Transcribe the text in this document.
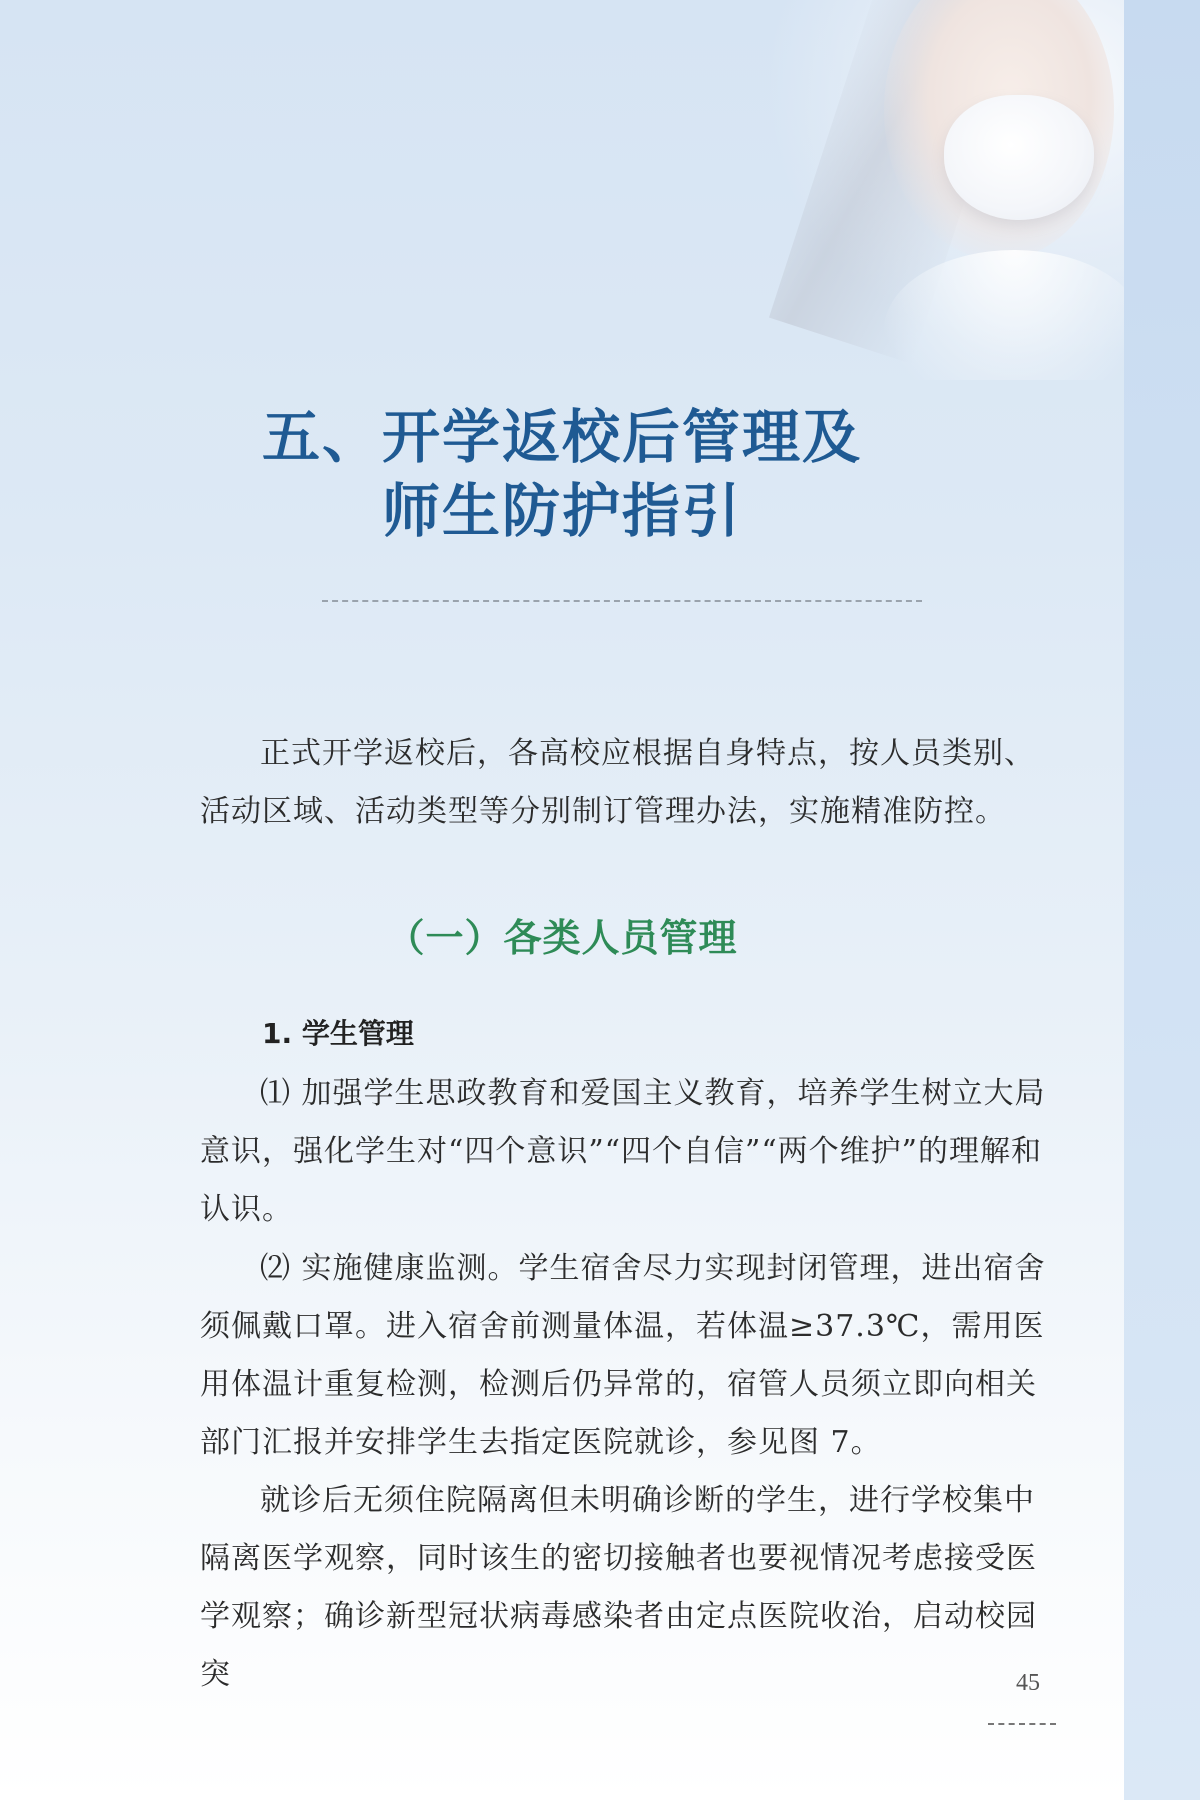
五、开学返校后管理及
师生防护指引

正式开学返校后，各高校应根据自身特点，按人员类别、活动区域、活动类型等分别制订管理办法，实施精准防控。

（一）各类人员管理
1. 学生管理

⑴ 加强学生思政教育和爱国主义教育，培养学生树立大局意识，强化学生对“四个意识”“四个自信”“两个维护”的理解和认识。

⑵ 实施健康监测。学生宿舍尽力实现封闭管理，进出宿舍须佩戴口罩。进入宿舍前测量体温，若体温≥37.3℃，需用医用体温计重复检测，检测后仍异常的，宿管人员须立即向相关部门汇报并安排学生去指定医院就诊，参见图 7。

就诊后无须住院隔离但未明确诊断的学生，进行学校集中隔离医学观察，同时该生的密切接触者也要视情况考虑接受医学观察；确诊新型冠状病毒感染者由定点医院收治，启动校园突	45
